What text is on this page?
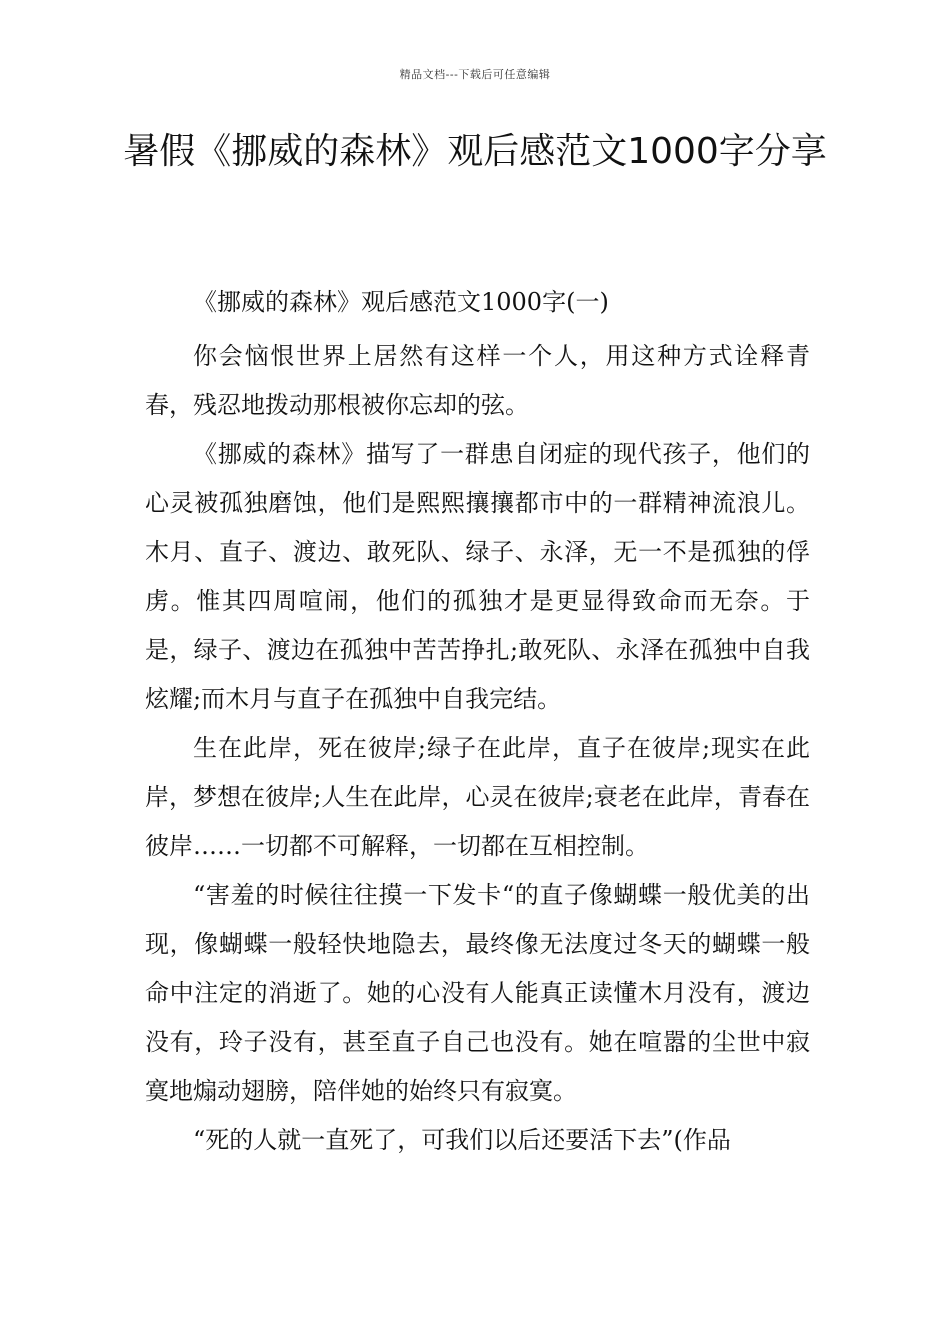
精品文档---下载后可任意编辑
暑假《挪威的森林》观后感范文1000字分享

《挪威的森林》观后感范文1000字(一)

你会恼恨世界上居然有这样一个人，用这种方式诠释青春，残忍地拨动那根被你忘却的弦。

《挪威的森林》描写了一群患自闭症的现代孩子，他们的心灵被孤独磨蚀，他们是熙熙攘攘都市中的一群精神流浪儿。木月、直子、渡边、敢死队、绿子、永泽，无一不是孤独的俘虏。惟其四周喧闹，他们的孤独才是更显得致命而无奈。于是，绿子、渡边在孤独中苦苦挣扎;敢死队、永泽在孤独中自我炫耀;而木月与直子在孤独中自我完结。

生在此岸，死在彼岸;绿子在此岸，直子在彼岸;现实在此岸，梦想在彼岸;人生在此岸，心灵在彼岸;衰老在此岸，青春在彼岸……一切都不可解释，一切都在互相控制。

“害羞的时候往往摸一下发卡“的直子像蝴蝶一般优美的出现，像蝴蝶一般轻快地隐去，最终像无法度过冬天的蝴蝶一般命中注定的消逝了。她的心没有人能真正读懂木月没有，渡边没有，玲子没有，甚至直子自己也没有。她在喧嚣的尘世中寂寞地煽动翅膀，陪伴她的始终只有寂寞。

“死的人就一直死了，可我们以后还要活下去”(作品
